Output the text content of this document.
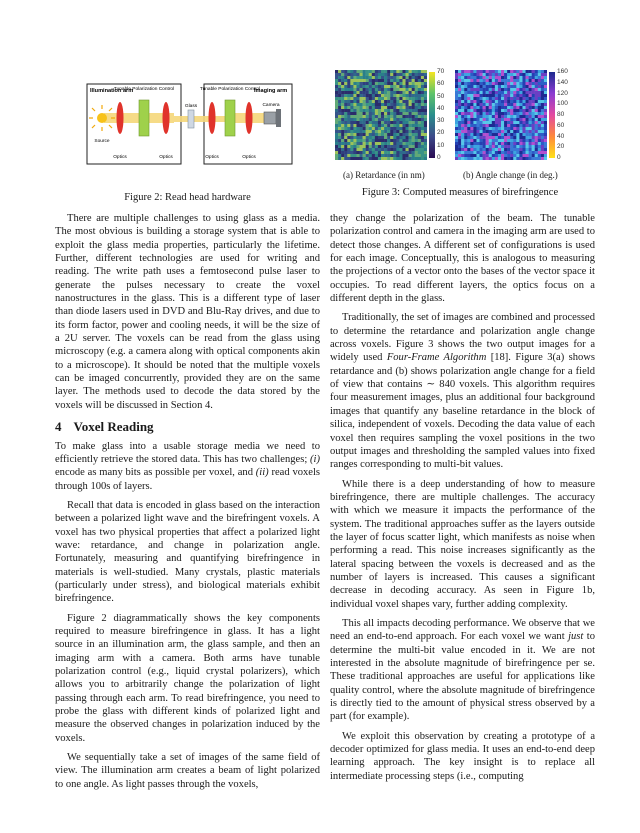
Illumination arm	Imaging arm
Tunable Polarization Control	Tunable Polarization Control
Glass	Camera
Source
Optics	Optics	Optics	Optics
Figure 2: Read head hardware
70
60
50
40
30
20
10
0
160
140
120
100
80
60
40
20
0
(a) Retardance (in nm)	(b) Angle change (in deg.)
Figure 3: Computed measures of birefringence

There are multiple challenges to using glass as a media. The most obvious is building a storage system that is able to exploit the glass media properties, particularly the lifetime. Further, different technologies are used for writing and reading. The write path uses a femtosecond pulse laser to generate the pulses necessary to create the voxel nanostructures in the glass. This is a different type of laser than diode lasers used in DVD and Blu-Ray drives, and due to its form factor, power and cooling needs, it will be the size of a 2U server. The voxels can be read from the glass using microscopy (e.g. a camera along with optical components akin to a microscope). It should be noted that the multiple voxels can be imaged concurrently, provided they are on the same layer. The methods used to decode the data stored by the voxels will be discussed in Section 4.

4 Voxel Reading

To make glass into a usable storage media we need to efficiently retrieve the stored data. This has two challenges; (i) encode as many bits as possible per voxel, and (ii) read voxels through 100s of layers.

Recall that data is encoded in glass based on the interaction between a polarized light wave and the birefringent voxels. A voxel has two physical properties that affect a polarized light wave: retardance, and change in polarization angle. Fortunately, measuring and quantifying birefringence in materials is well-studied. Many crystals, plastic materials (particularly under stress), and biological materials exhibit birefringence.

Figure 2 diagrammatically shows the key components required to measure birefringence in glass. It has a light source in an illumination arm, the glass sample, and then an imaging arm with a camera. Both arms have tunable polarization control (e.g., liquid crystal polarizers), which allows you to arbitrarily change the polarization of light passing through each arm. To read birefringence, you need to probe the glass with different kinds of polarized light and measure the observed changes in polarization induced by the voxels.

We sequentially take a set of images of the same field of view. The illumination arm creates a beam of light polarized to one angle. As light passes through the voxels,

they change the polarization of the beam. The tunable polarization control and camera in the imaging arm are used to detect those changes. A different set of configurations is used for each image. Conceptually, this is analogous to measuring the projections of a vector onto the bases of the vector space it occupies. To read different layers, the optics focus on a different depth in the glass.

Traditionally, the set of images are combined and processed to determine the retardance and polarization angle change across voxels. Figure 3 shows the two output images for a widely used Four-Frame Algorithm [18]. Figure 3(a) shows retardance and (b) shows polarization angle change for a field of view that contains ∼ 840 voxels. This algorithm requires four measurement images, plus an additional four background images that quantify any baseline retardance in the block of silica, independent of voxels. Decoding the data value of each voxel then requires sampling the voxel positions in the two output images and thresholding the sampled values into fixed ranges corresponding to multi-bit values.

While there is a deep understanding of how to measure birefringence, there are multiple challenges. The accuracy with which we measure it impacts the performance of the system. The traditional approaches suffer as the layers outside the layer of focus scatter light, which manifests as noise when performing a read. This noise increases significantly as the lateral spacing between the voxels is decreased and as the number of layers is increased. This causes a significant decrease in decoding accuracy. As seen in Figure 1b, individual voxel shapes vary, further adding complexity.

This all impacts decoding performance. We observe that we need an end-to-end approach. For each voxel we want just to determine the multi-bit value encoded in it. We are not interested in the absolute magnitude of birefringence per se. These traditional approaches are useful for applications like quality control, where the absolute magnitude of birefringence is directly tied to the amount of physical stress observed by a part (for example).

We exploit this observation by creating a prototype of a decoder optimized for glass media. It uses an end-to-end deep learning approach. The key insight is to replace all intermediate processing steps (i.e., computing
